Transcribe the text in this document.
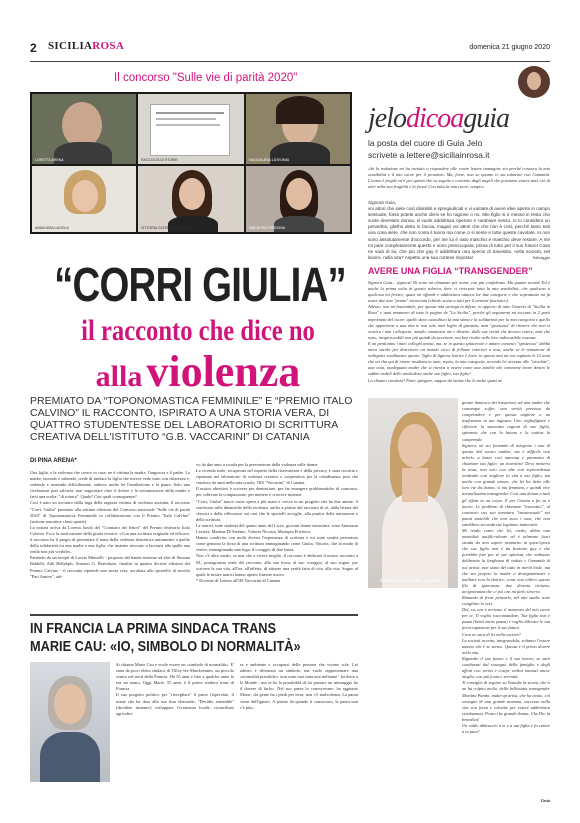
2 SICILIAROSA	domenica 21 giugno 2020
Il concorso "Sulle vie di parità 2020"
LORETTA ARENA	RACCOLTA DI STORIE	MAGDALENA LIZIVOMIA
ANNA NISA LAVIOLA	VITTORIA CATERINA BONSEV	MARIA PIA PEREDINA
“CORRI GIULIA”
il racconto che dice no
alla violenza
PREMIATO DA “TOPONOMASTICA FEMMINILE” E “PREMIO ITALO CALVINO” IL RACCONTO, ISPIRATO A UNA STORIA VERA, DI QUATTRO STUDENTESSE DEL LABORATORIO DI SCRITTURA CREATIVA DELL'ISTITUTO “G.B. VACCARINI” DI CATANIA
DI PINA ARENA*
Una figlia, e la violenza che cresce in casa: ne è vittima la madre, l'angoscia e il padre. La madre, tacendo e subendo, crede di tutelare la figlia che invece vede tutto con chiarezza e, vedendo e sentendo difficilmente, subisce anche lei l'umiliazione e la paura. Solo una rivelazione può salvarla: non sopportare oltre il dolore e la sottomissione della madre e farsi una scelta: "di rottura". Quale? Con quali conseguenze?
Così è nato un incontro dalla fuga della ragazza vittima di violenza assistita, il racconto "Corri, Giulia" premiato alla settima edizione del Concorso nazionale "Sulle vie di parità 2020" di Toponomastica Femminile in collaborazione con il Premio "Italo Calvino" (sezione narrativa-classi quarte).
La notizia arriva da Loretta Junck del "Comitato dei lettori" del Premio letterario Italo Calvino. Ecco la motivazione della giuria tecnica: «Con una scrittura originale ed efficace, il racconto ha il pregio di presentare il tema della violenza domestica unitamente a quello della solidarietà tra una madre e una figlia, che insieme riescono a lasciarsi alle spalle una realtà non più vivibile».
Partendo da un incipit di Loreta Minutilli - proposto dal bando insieme ad altri di Simona Baldelli, Adil Bellafqih, Antonio G. Bortoluzzi, finalisti in quattro diverse edizioni del Premio Calvino - il racconto riprende una storia vera, ascoltata allo sportello di ascolto "Pari Amore", atti-
vo da due anni a scuola per la prevenzione della violenza sulle donne.
La vicenda reale, recuperata nel rispetto della riservatezza e della privacy, è stata riscritta e ripensata nel laboratorio di scrittura creativa e cooperativa per la cittadinanza post che conduco da anni nella mia scuola, l'IIS "Vaccarini" di Catania.
Il nostro obiettivo è scrivere per denunciare, per far emergere problematiche di contrasto, per coltivare la compassione, per mettere e crescere insieme.
"Corri, Giulia" nasce come opera a più mani e cresce in un progetto che ha due anime: il confronto sulle dinamiche della violenza, anche a partire dal racconto di sé, dalla lettura dei classici e dalla riflessione sui casi che le sportelli accoglie, alla pratica della narrazione e della scrittura.
Le autrici, tutte studenti del quarto anno del Liceo, giovani donne entusiaste, sono Anastasia Laviola, Martina Di Stefano, Vittoria Nicosia, Mariapia Privitera.
Hanno condiviso con molti diversi l'esperienza di scrittura e mi sono sentita pervenuto come genuina la forza di una scrittura immaginando come Giulia, Vittoria, che in modo di venire, immaginando una fuga, il coraggio di dire basta.
Non c'è altro modo, se non che a vivere meglio, il racconto è dedicare il nostro racconto a M., protagonista reale del racconto, alla sua forza, al suo coraggio, al suo sogno, per scrivere la sua vita, all'ira, all'affetto, di attrarre una verità fatta di vita, alla vita. Sogno al quale le nostre autrici hanno aperto finestre nuove.
* Docente di Lettere all'IIS Vaccarini di Catania
jelodicoaguia
la posta del cuore di Guia Jelo
scrivete a lettere@siciliainrosa.it
«Se la redazione mi ha invitato a rispondere alle vostre lettere immagino sia perché conosca la mia sensibilità e il mio cuore per il prossimo. Ma, forse, non so quanto io sia talmente con l'umanità. L'uomo è fragile ed è per questo che va seguito e costretto dagli angeli che possiamo essere tutti, ciò di altri nella sua fragilità e la forza! Con tutta la mia cuore, sempre»
Signora Guia,
voi attori che siete così disinibiti e spregiudicati e vi vantate di avere idee aperte in campo sessuale, forse potete anche dirmi se ho ragione o no. Mio figlio si è messo in testa che vuole diventare donna, si vuole addirittura operare e cambiare sesso. Io lo considero un pervertito, glielho detto in faccia, magari voi attori che che non è così, perché tanto tutti una cosa siete, che non conta il tuono ma come ci si sente e tutte queste cavolate. Io non sono assolutamente d'accordo, per me lui è nato maschio e maschio deve restare. A me mi pare completamente questo e sono preoccupata, prima di tutto per il suo futuro! Cosa ne sarà di lui, che più che gay è addirittura una specie di travestito, nella società, nel lavoro, nella vita? Aspetto una sua cortese risposta!	Salvaggia
AVERE UNA FIGLIA “TRANSGENDER”
Signora Gaia... signora! Di sotto mi chiamate per nome, con più confidenza. Ma quanto novità! Ed è anche la prima volta in questa rubrica, dove ci riversate tutta la mia sensibilità, che qualcuno a qualcosa mi ferisce, quasi mi offende e addirittura attacca lor due categorie e che soprattutto mi fa usare due una "penna" incrociata (chiedo scusa a tutti per il termine fascistico).
Adesso, non mi bastendole, per questa mia arringa in difesa, io apporto di tutto l'inserto di "Sicilia in Rosa" e anni nemmeno di tutte le pagine de "La Sicilia", perché gli argomenti mi toccano in 2 parti importanti del cuore: quello dove custodisco la mia stima e la solidarietà per la mia categoria e quello che appartiene a una mia te non solo miei loglio di giustizia, anzi "gisotezza" di ritenere che non si scarica i mia i allegoria, mondo, smontarsi me e dirsene, dalle sue verità che devono essere, anzi che sono, inequivocabili non più quindi da accettare, ma ben risolte nelle loro indiscutibile essenza.
E mi perdonino i miei colleghi artisti, ma, se in questo spiacevole e amaro contesto "spisteioso" debba mera sacola per descrivere un mondo ricco di fellazze interiori a tesa, anche se le tentazione di redirguire scadimento questo "figlio di lignora lettrice è forte, in questo mai mi era capitato le 12 anni che un cha qui di essere insultata in tutte, repito, la mia categoria, secondo lei avvezza alle "cavolate", una cosa, inadeguata madre che si ritrova a essere come una zombie che commette tirare dentro le subbie mobili dello ansilodose anche suo figlio, suo figlio!
La chiamo cavolata? Poter spiegare, sappur da ottime che le molte quasi ne
Martina Panini, make-up artist
girone dantesco dei lussurioni, ad una madre che comunque soffre, una verità preziosa da comprendere e per questa migliore a un usufruenza in tua ingiusta. Uno vegliafigiare e riflettere la sancanza ragioni di suo figlio, spiemeta che con la buona e la cattiva la comprenda.
Signora, mi sto forzando di integrare i toni di questa dal nostro analisi, ma è difficile non arlorlo a busto così marcata e parmenta di chiamare suo figlio: un travestito! Devo mettersi la testa, non solo con ulte con sopravalenza rendendo così migliore la vita a suo figlio, ma anche con grande amore, che lei ha detto alle loro vie da donna, sì ma femmina, e quindi vive normalissima transgender. Così una donna a tutti gli effetti in un corpo. E per l'ironia a fin su è morto. Le problemi di chiamare "travestito", al contrario suo suo tematura "transessuale" nei panni maschili che non sono i suoi, che non sarebbero seconda sue legittimo maternità.
Mi rendo conto che lei, credo, abbia una mentalità antifilo-ulenze ed è talmente fuori strada da non sapere nemmeno in quest'epoca che suo figlio non è da bruttare gay e che potrebbe fare per sé sue opinioni, che ordinano deliberato la larghezza di vedute e l'umanità di noi artisti, non siano del tutto in meriti biole, ma che sta proprio la madre a destigmatizzare e umiliare non la datrice, come non tollero questo filo di ignoranza: due diventa cinismo, un'ignoranza che ci poi ora mi farlo sincera.
Rimando di ferne pensarlo, nel mio studio sono cosigliare lo veci.
Del, su, ora è arrivato il momento del mio cuore per te. Ti voglio raccomandare, Tua figlia non è pazza (bensì meno pazza) e voglio dilevare le tua preoccupazione per il suo futuro.
Cosa ne sarà di lei nella società?
La società accetta, integrandola, soltanto l'essere umano che è se stesso. Questa è il primo dovere nella vita.
Riguardo il suo futuro e il suo lavoro, se sarà coadiuvati dal sostegno della famiglia e degli affetti con verità e cosìpe vedrai innanzi ancor meglio, con più forza e serenità.
Ti consiglio di seguire su Youtube la storia, che ti mi ha colpito molto, della bellissima transgender Martina Panini, make-up artist, che ha avuto, col sostegno di una grande mamma, successo nella vita con forza e volontà, per essere addirittura serabamata. Penso che grande donna. Che Dio la benedica!
Un caldo abbraccio a te e a tua figlia e fa culare a tu pace!
Guia
IN FRANCIA LA PRIMA SINDACA TRANS
MARIE CAU: «IO, SIMBOLO DI NORMALITÀ»
Si chiama Marie Cau e vuole essere un «simbolo di normalità». E' stata da poco eletta sindaca di Tilloy-lez-Marchiennes, un piccolo centro nel nord della Francia. Ha 55 anni e fino a qualche anno fa era un uomo. Oggi Marie, 55 anni, è il primo sindaco trans di Francia.
Il suo progetto politico per "risvegliare" il paese (ispecchio, il nome che ha dato alla sua lista elettorale, "Decider ensemble" (decidere insieme): sviluppare l'economia locale, riconciliare agricoltu-
ra e ambiente e occuparsi delle persone che vivono sole. Lei adesso è diventata un simbolo, ma vuole rappresentare una «normalità possibile»: non sono mai stata una militante - ha detto a le Monde - ma se ho la possibilità di far passare un messaggio ho il dovere di farlo». Nel suo paese lo conoscevano, ha aggiunto Marie, «la gente ha i piedi per terra, non c'è malvolenza. La paura viene dall'ignoto. A partire da quando ti conoscono, la paura non c'è più».
